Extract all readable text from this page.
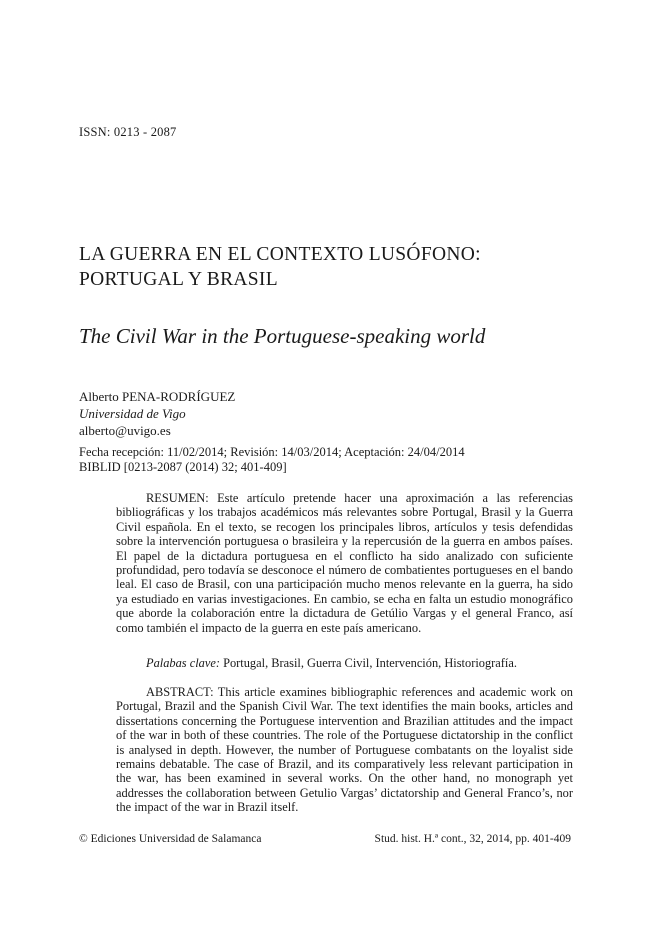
ISSN: 0213 - 2087
LA GUERRA EN EL CONTEXTO LUSÓFONO:
PORTUGAL Y BRASIL
The Civil War in the Portuguese-speaking world
Alberto PENA-RODRÍGUEZ
Universidad de Vigo
alberto@uvigo.es
Fecha recepción: 11/02/2014; Revisión: 14/03/2014; Aceptación: 24/04/2014
BIBLID [0213-2087 (2014) 32; 401-409]

RESUMEN: Este artículo pretende hacer una aproximación a las referencias bibliográficas y los trabajos académicos más relevantes sobre Portugal, Brasil y la Guerra Civil española. En el texto, se recogen los principales libros, artículos y tesis defendidas sobre la intervención portuguesa o brasileira y la repercusión de la guerra en ambos países. El papel de la dictadura portuguesa en el conflicto ha sido analizado con suficiente profundidad, pero todavía se desconoce el número de combatientes portugueses en el bando leal. El caso de Brasil, con una participación mucho menos relevante en la guerra, ha sido ya estudiado en varias investigaciones. En cambio, se echa en falta un estudio monográfico que aborde la colaboración entre la dictadura de Getúlio Vargas y el general Franco, así como también el impacto de la guerra en este país americano.

Palabas clave: Portugal, Brasil, Guerra Civil, Intervención, Historiografía.

ABSTRACT: This article examines bibliographic references and academic work on Portugal, Brazil and the Spanish Civil War. The text identifies the main books, articles and dissertations concerning the Portuguese intervention and Brazilian attitudes and the impact of the war in both of these countries. The role of the Portuguese dictatorship in the conflict is analysed in depth. However, the number of Portuguese combatants on the loyalist side remains debatable. The case of Brazil, and its comparatively less relevant participation in the war, has been examined in several works. On the other hand, no monograph yet addresses the collaboration between Getulio Vargas’ dictatorship and General Franco’s, nor the impact of the war in Brazil itself.

© Ediciones Universidad de Salamanca	Stud. hist. H.ª cont., 32, 2014, pp. 401-409
